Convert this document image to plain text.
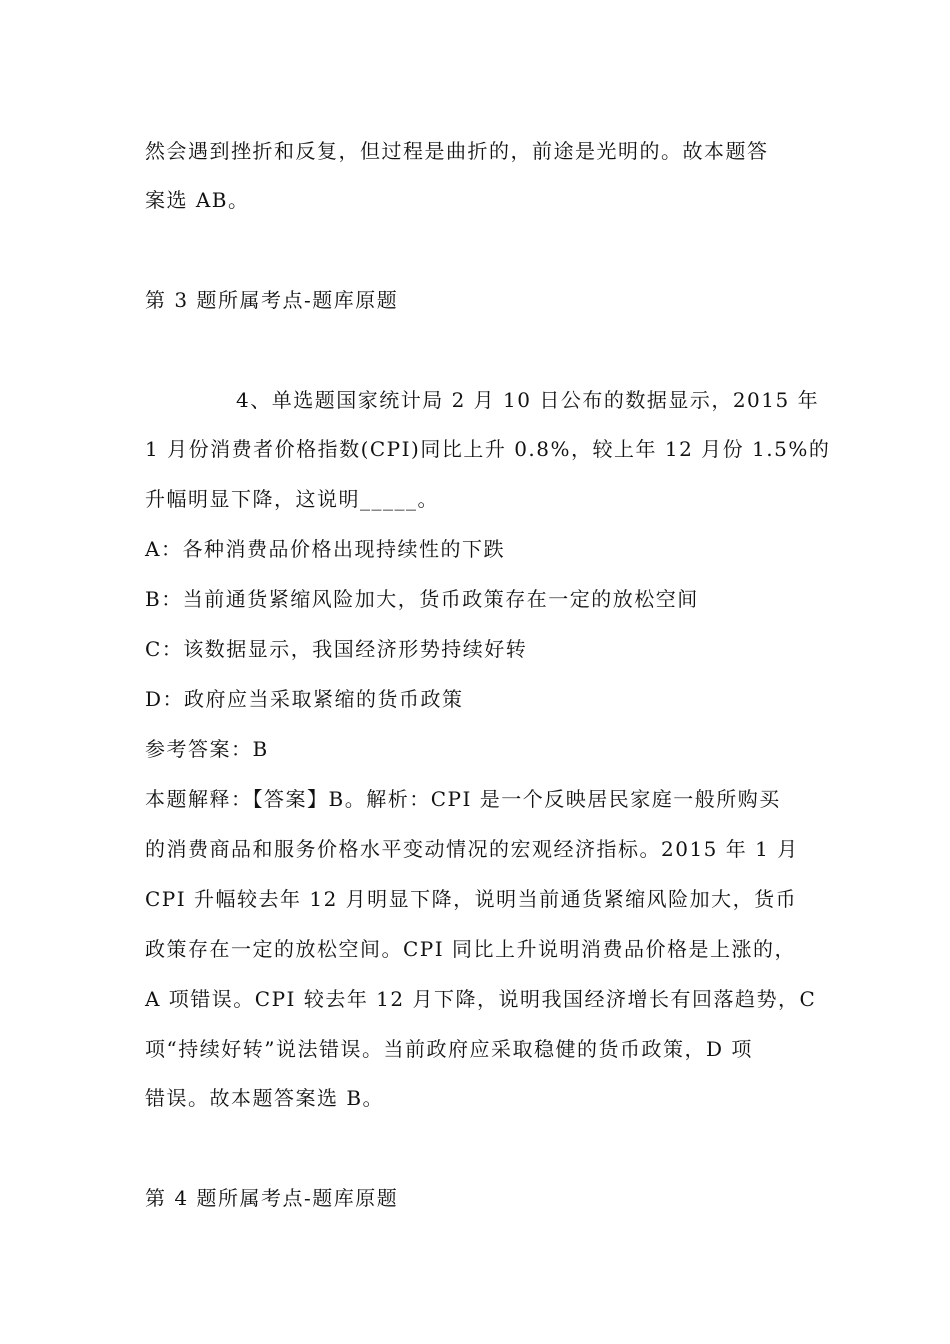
然会遇到挫折和反复，但过程是曲折的，前途是光明的。故本题答
案选 AB。
第 3 题所属考点-题库原题
4、单选题国家统计局 2 月 10 日公布的数据显示，2015 年
1 月份消费者价格指数(CPI)同比上升 0.8%，较上年 12 月份 1.5%的
升幅明显下降，这说明_____。
A：各种消费品价格出现持续性的下跌
B：当前通货紧缩风险加大，货币政策存在一定的放松空间
C：该数据显示，我国经济形势持续好转
D：政府应当采取紧缩的货币政策
参考答案：B
本题解释：【答案】B。解析：CPI 是一个反映居民家庭一般所购买
的消费商品和服务价格水平变动情况的宏观经济指标。2015 年 1 月
CPI 升幅较去年 12 月明显下降，说明当前通货紧缩风险加大，货币
政策存在一定的放松空间。CPI 同比上升说明消费品价格是上涨的，
A 项错误。CPI 较去年 12 月下降，说明我国经济增长有回落趋势，C
项“持续好转”说法错误。当前政府应采取稳健的货币政策，D 项
错误。故本题答案选 B。
第 4 题所属考点-题库原题
